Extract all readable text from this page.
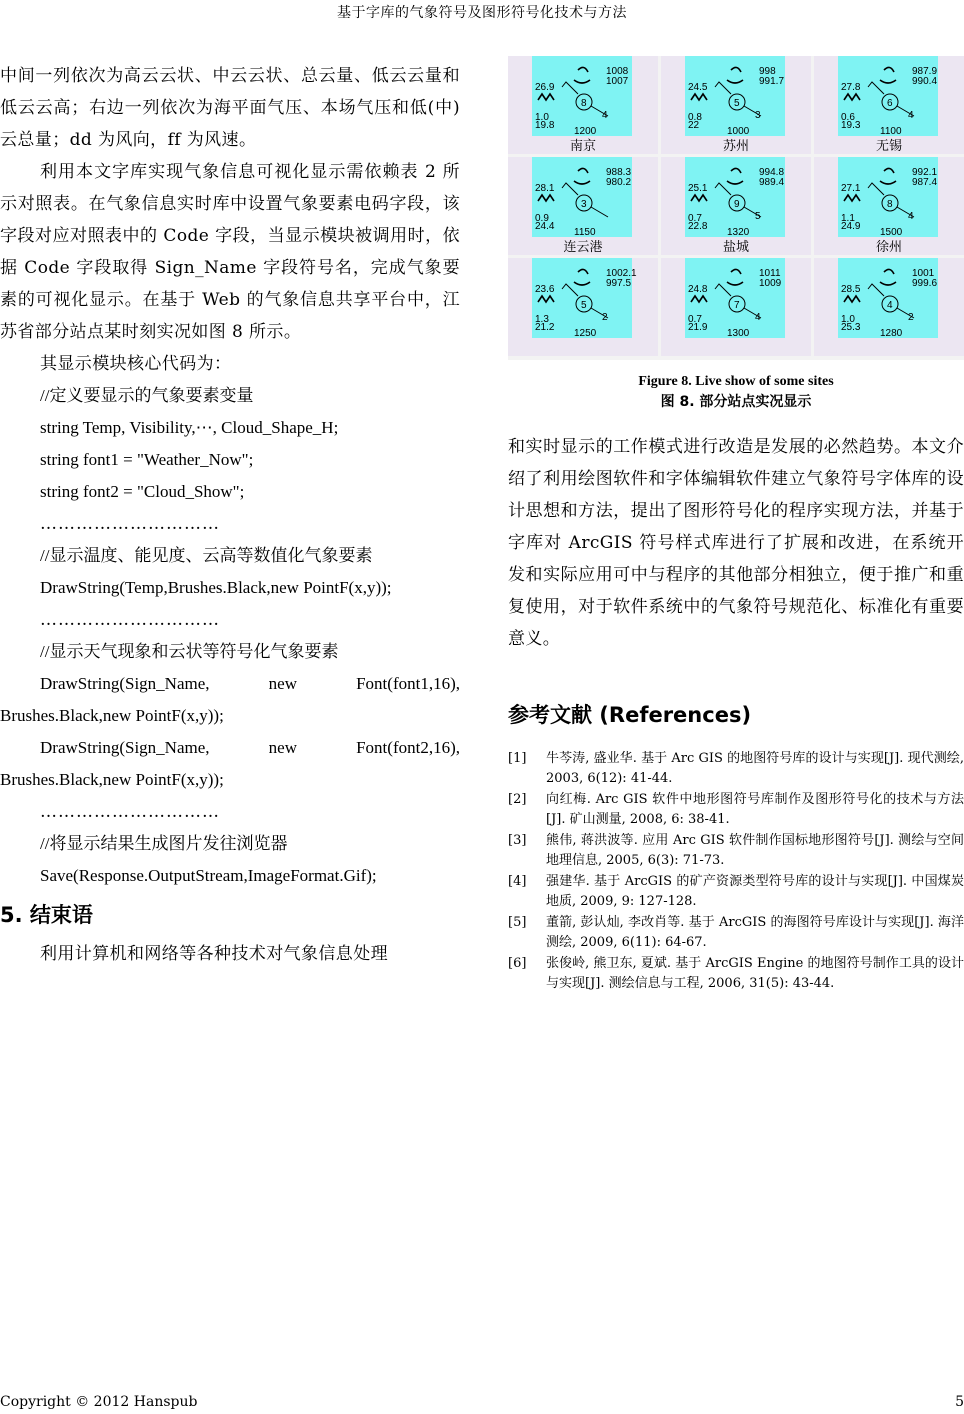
基于字库的气象符号及图形符号化技术与方法

中间一列依次为高云云状、中云云状、总云量、低云云量和低云云高；右边一列依次为海平面气压、本场气压和低(中)云总量；dd 为风向，ff 为风速。

利用本文字库实现气象信息可视化显示需依赖表 2 所示对照表。在气象信息实时库中设置气象要素电码字段，该字段对应对照表中的 Code 字段，当显示模块被调用时，依据 Code 字段取得 Sign_Name 字段符号名，完成气象要素的可视化显示。在基于 Web 的气象信息共享平台中，江苏省部分站点某时刻实况如图 8 所示。

其显示模块核心代码为：

//定义要显示的气象要素变量

string Temp, Visibility,⋯, Cloud_Shape_H;

string font1 = "Weather_Now";

string font2 = "Cloud_Show";

…………………………

//显示温度、能见度、云高等数值化气象要素

DrawString(Temp,Brushes.Black,new PointF(x,y));

…………………………

//显示天气现象和云状等符号化气象要素

DrawString(Sign_Name, new Font(font1,16), Brushes.Black,new PointF(x,y));

DrawString(Sign_Name, new Font(font2,16), Brushes.Black,new PointF(x,y));

…………………………

//将显示结果生成图片发往浏览器

Save(Response.OutputStream,ImageFormat.Gif);

5. 结束语

利用计算机和网络等各种技术对气象信息处理

26.9
1.0
19.8
8
4
1200
1008
1007
南京
24.5
0.8
22
5
3
1000
998
991.7
苏州
27.8
0.6
19.3
6
4
1100
987.9
990.4
无锡
28.1
0.9
24.4
3
1150
988.3
980.2
连云港
25.1
0.7
22.8
9
5
1320
994.8
989.4
盐城
27.1
1.1
24.9
8
4
1500
992.1
987.4
徐州
23.6
1.3
21.2
5
2
1250
1002.1
997.5
24.8
0.7
21.9
7
4
1300
1011
1009
28.5
1.0
25.3
4
2
1280
1001
999.6
Figure 8. Live show of some sites
图 8. 部分站点实况显示

和实时显示的工作模式进行改造是发展的必然趋势。本文介绍了利用绘图软件和字体编辑软件建立气象符号字体库的设计思想和方法，提出了图形符号化的程序实现方法，并基于字库对 ArcGIS 符号样式库进行了扩展和改进，在系统开发和实际应用可中与程序的其他部分相独立，便于推广和重复使用，对于软件系统中的气象符号规范化、标准化有重要意义。

参考文献 (References)
[1]	牛芩涛, 盛业华. 基于 Arc GIS 的地图符号库的设计与实现[J]. 现代测绘, 2003, 6(12): 41-44.
[2]	向红梅. Arc GIS 软件中地形图符号库制作及图形符号化的技术与方法[J]. 矿山测量, 2008, 6: 38-41.
[3]	熊伟, 蒋洪波等. 应用 Arc GIS 软件制作国标地形图符号[J]. 测绘与空间地理信息, 2005, 6(3): 71-73.
[4]	强建华. 基于 ArcGIS 的矿产资源类型符号库的设计与实现[J]. 中国煤炭地质, 2009, 9: 127-128.
[5]	董箭, 彭认灿, 李改肖等. 基于 ArcGIS 的海图符号库设计与实现[J]. 海洋测绘, 2009, 6(11): 64-67.
[6]	张俊岭, 熊卫东, 夏斌. 基于 ArcGIS Engine 的地图符号制作工具的设计与实现[J]. 测绘信息与工程, 2006, 31(5): 43-44.
Copyright © 2012 Hanspub	5
